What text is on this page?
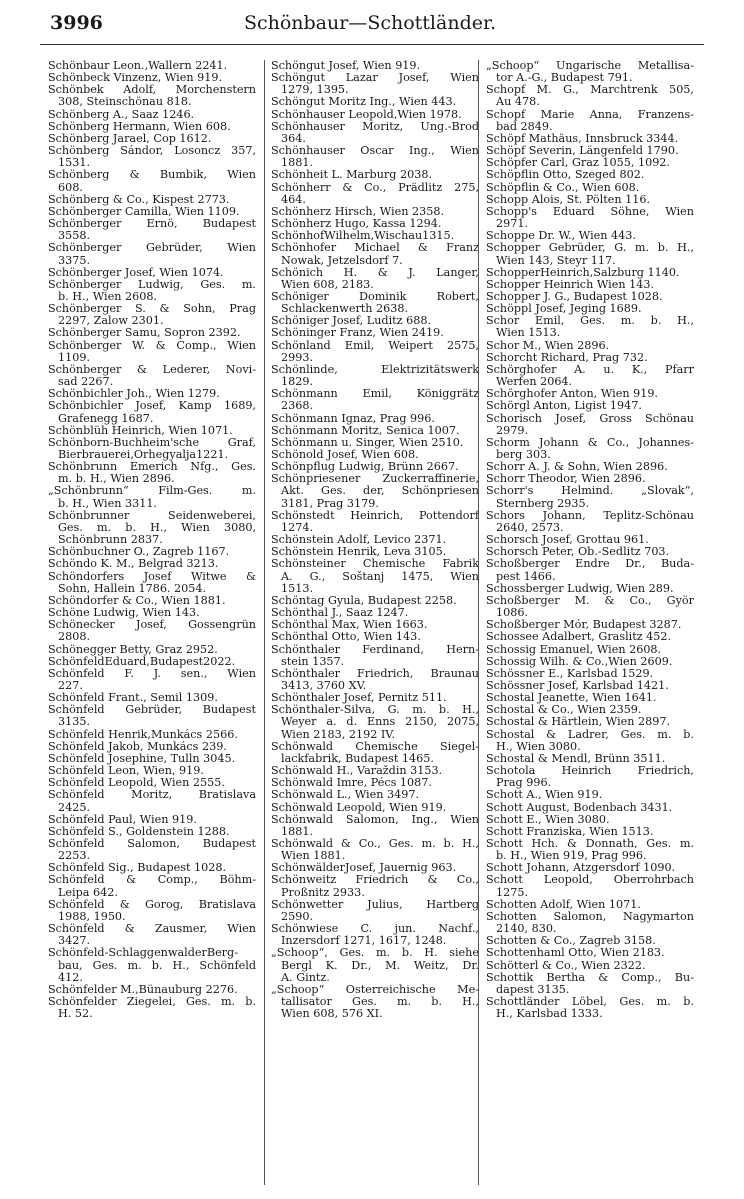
3996	Schönbaur—Schottländer.
Schönbaur Leon.,Wallern 2241.
Schönbeck Vinzenz, Wien 919.
Schönbek Adolf, Morchenstern
308, Steinschönau 818.
Schönberg A., Saaz 1246.
Schönberg Hermann, Wien 608.
Schönberg Jarael, Čop 1612.
Schönberg Sándor, Losoncz 357,
1531.
Schönberg & Bumbik, Wien
608.
Schönberg & Co., Kispest 2773.
Schönberger Camilla, Wien 1109.
Schönberger Ernö, Budapest
3558.
Schönberger Gebrüder, Wien
3375.
Schönberger Josef, Wien 1074.
Schönberger Ludwig, Ges. m.
b. H., Wien 2608.
Schönberger S. & Sohn, Prag
2297, Žalow 2301.
Schönberger Samu, Sopron 2392.
Schönberger W. & Comp., Wien
1109.
Schönberger & Lederer, Novi-
sad 2267.
Schönbichler Joh., Wien 1279.
Schönbichler Josef, Kamp 1689,
Grafenegg 1687.
Schönblüh Heinrich, Wien 1071.
Schönborn-Buchheim'sche Graf,
Bierbrauerei,Örhegyalja1221.
Schönbrunn Emerich Nfg., Ges.
m. b. H., Wien 2896.
„Schönbrunn“ Film-Ges. m.
b. H., Wien 3311.
Schönbrunner Seidenweberei,
Ges. m. b. H., Wien 3080,
Schönbrunn 2837.
Schönbuchner O., Zagreb 1167.
Schöndo K. M., Belgrad 3213.
Schöndorfers Josef Witwe &
Sohn, Hallein 1786. 2054.
Schöndorfer & Co., Wien 1881.
Schöne Ludwig, Wien 143.
Schönecker Josef, Gossengrün
2808.
Schönegger Betty, Graz 2952.
SchönfeldEduard,Budapest2022.
Schönfeld F. J. sen., Wien
227.
Schönfeld Frant., Semil 1309.
Schönfeld Gebrüder, Budapest
3135.
Schönfeld Henrik,Munkács 2566.
Schönfeld Jakob, Munkács 239.
Schönfeld Josephine, Tulln 3045.
Schönfeld Leon, Wien, 919.
Schönfeld Leopold, Wien 2555.
Schönfeld Moritz, Bratislava
2425.
Schönfeld Paul, Wien 919.
Schönfeld S., Goldenstein 1288.
Schönfeld Salomon, Budapest
2253.
Schönfeld Sig., Budapest 1028.
Schönfeld & Comp., Böhm-
Leipa 642.
Schönfeld & Gorog, Bratislava
1988, 1950.
Schönfeld & Zausmer, Wien
3427.
Schönfeld-SchlaggenwalderBerg-
bau, Ges. m. b. H., Schönfeld
412.
Schönfelder M.,Bünauburg 2276.
Schönfelder Ziegelei, Ges. m. b.
H. 52.
Schöngut Josef, Wien 919.
Schöngut Lazar Josef, Wien
1279, 1395.
Schöngut Moritz Ing., Wien 443.
Schönhauser Leopold,Wien 1978.
Schönhauser Moritz, Ung.-Brod
364.
Schönhauser Oscar Ing., Wien
1881.
Schönheit L. Marburg 2038.
Schönherr & Co., Prädlitz 275,
464.
Schönherz Hirsch, Wien 2358.
Schönherz Hugo, Kassa 1294.
SchönhofWilhelm,Wischau1315.
Schönhofer Michael & Franz
Nowak, Jetzelsdorf 7.
Schönich H. & J. Langer,
Wien 608, 2183.
Schöniger Dominik Robert,
Schlackenwerth 2638.
Schöniger Josef, Luditz 688.
Schöninger Franz, Wien 2419.
Schönland Emil, Weipert 2575,
2993.
Schönlinde, Elektrizitätswerk
1829.
Schönmann Emil, Königgrätz
2368.
Schönmann Ignaz, Prag 996.
Schönmann Moritz, Senica 1007.
Schönmann u. Singer, Wien 2510.
Schönold Josef, Wien 608.
Schönpflug Ludwig, Brünn 2667.
Schönpriesener Zuckerraffinerie,
Akt. Ges. der, Schönpriesen
3181, Prag 3179.
Schönstedt Heinrich, Pottendorf
1274.
Schönstein Adolf, Levico 2371.
Schönstein Henrik, Leva 3105.
Schönsteiner Chemische Fabrik
A. G., Šoštanj 1475, Wien
1513.
Schöntag Gyula, Budapest 2258.
Schönthal J., Saaz 1247.
Schönthal Max, Wien 1663.
Schönthal Otto, Wien 143.
Schönthaler Ferdinand, Hern-
stein 1357.
Schönthaler Friedrich, Braunau
3413, 3760 XV.
Schönthaler Josef, Pernitz 511.
Schönthaler-Silva, G. m. b. H.,
Weyer a. d. Enns 2150, 2075,
Wien 2183, 2192 IV.
Schönwald Chemische Siegel-
lackfabrik, Budapest 1465.
Schönwald H., Varaždin 3153.
Schönwald Imre, Pécs 1087.
Schönwald L., Wien 3497.
Schönwald Leopold, Wien 919.
Schönwald Salomon, Ing., Wien
1881.
Schönwald & Co., Ges. m. b. H.,
Wien 1881.
SchönwälderJosef, Jauernig 963.
Schönweitz Friedrich & Co.,
Proßnitz 2933.
Schönwetter Julius, Hartberg
2590.
Schönwiese C. jun. Nachf.,
Inzersdorf 1271, 1617, 1248.
„Schoop“, Ges. m. b. H. siehe
Bergl K. Dr., M. Weitz, Dr.
A. Gintz.
„Schoop“ Österreichische Me-
tallisator Ges. m. b. H.,
Wien 608, 576 XI.
„Schoop“ Ungarische Metallisa-
tor A.-G., Budapest 791.
Schopf M. G., Marchtrenk 505,
Au 478.
Schopf Marie Anna, Franzens-
bad 2849.
Schöpf Mathäus, Innsbruck 3344.
Schöpf Severin, Längenfeld 1790.
Schöpfer Carl, Graz 1055, 1092.
Schöpflin Otto, Szeged 802.
Schöpflin & Co., Wien 608.
Schopp Alois, St. Pölten 116.
Schopp's Eduard Söhne, Wien
2971.
Schoppe Dr. W., Wien 443.
Schopper Gebrüder, G. m. b. H.,
Wien 143, Steyr 117.
SchopperHeinrich,Salzburg 1140.
Schopper Heinrich Wien 143.
Schopper J. G., Budapest 1028.
Schöppl Josef, Jeging 1689.
Schor Emil, Ges. m. b. H.,
Wien 1513.
Schor M., Wien 2896.
Schorcht Richard, Prag 732.
Schörghofer A. u. K., Pfarr
Werfen 2064.
Schörghofer Anton, Wien 919.
Schörgl Anton, Ligist 1947.
Schorisch Josef, Gross Schönau
2979.
Schorm Johann & Co., Johannes-
berg 303.
Schorr A. J. & Sohn, Wien 2896.
Schorr Theodor, Wien 2896.
Schorr's Helmind. „Slovak“,
Sternberg 2935.
Schors Johann, Teplitz-Schönau
2640, 2573.
Schorsch Josef, Grottau 961.
Schorsch Peter, Ob.-Sedlitz 703.
Schoßberger Endre Dr., Buda-
pest 1466.
Schossberger Ludwig, Wien 289.
Schoßberger M. & Co., Györ
1086.
Schoßberger Mór, Budapest 3287.
Schossee Adalbert, Graslitz 452.
Schossig Emanuel, Wien 2608.
Schossig Wilh. & Co.,Wien 2609.
Schössner E., Karlsbad 1529.
Schössner Josef, Karlsbad 1421.
Schostal Jeanette, Wien 1641.
Schostal & Co., Wien 2359.
Schostal & Härtlein, Wien 2897.
Schostal & Ladrer, Ges. m. b.
H., Wien 3080.
Schostal & Mendl, Brünn 3511.
Schotola Heinrich Friedrich,
Prag 996.
Schott A., Wien 919.
Schott August, Bodenbach 3431.
Schott E., Wien 3080.
Schott Franziska, Wien 1513.
Schott Hch. & Donnath, Ges. m.
b. H., Wien 919, Prag 996.
Schott Johann, Atzgersdorf 1090.
Schott Leopold, Oberrohrbach
1275.
Schotten Adolf, Wien 1071.
Schotten Salomon, Nagymarton
2140, 830.
Schotten & Co., Zagreb 3158.
Schottenhaml Otto, Wien 2183.
Schötterl & Co., Wien 2322.
Schottik Bertha & Comp., Bu-
dapest 3135.
Schottländer Löbel, Ges. m. b.
H., Karlsbad 1333.
